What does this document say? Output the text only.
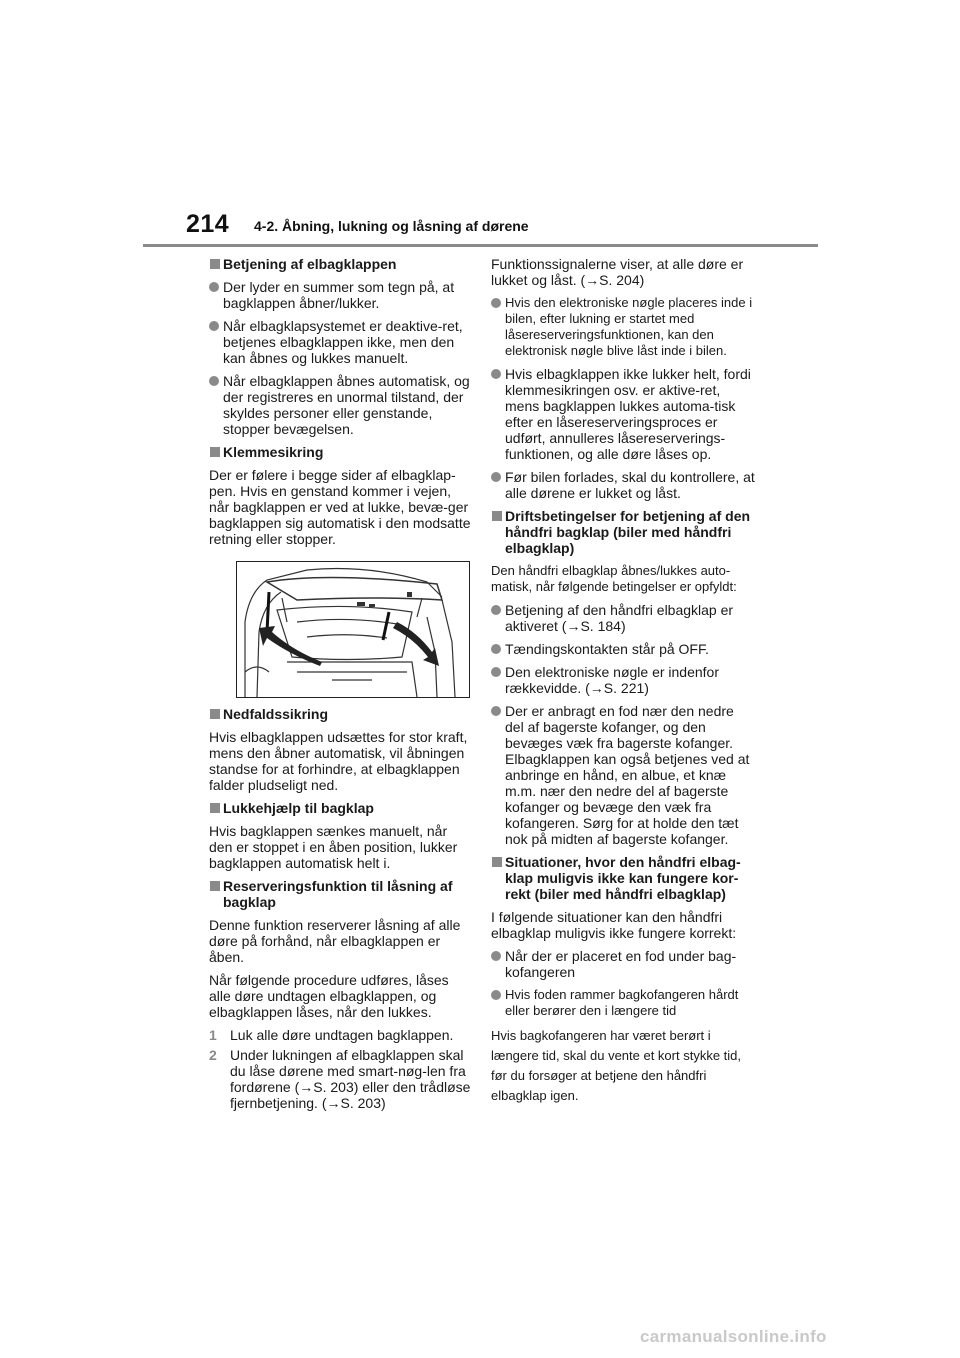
214 4-2. Åbning, lukning og låsning af dørene
Betjening af elbagklappen
Der lyder en summer som tegn på, at bagklappen åbner/lukker.
Når elbagklapsystemet er deaktive-ret, betjenes elbagklappen ikke, men den kan åbnes og lukkes manuelt.
Når elbagklappen åbnes automatisk, og der registreres en unormal tilstand, der skyldes personer eller genstande, stopper bevægelsen.
Klemmesikring
Der er følere i begge sider af elbagklap-pen. Hvis en genstand kommer i vejen, når bagklappen er ved at lukke, bevæ-ger bagklappen sig automatisk i den modsatte retning eller stopper.
Nedfaldssikring
Hvis elbagklappen udsættes for stor kraft, mens den åbner automatisk, vil åbningen standse for at forhindre, at elbagklappen falder pludseligt ned.
Lukkehjælp til bagklap
Hvis bagklappen sænkes manuelt, når den er stoppet i en åben position, lukker bagklappen automatisk helt i.
Reserveringsfunktion til låsning af bagklap
Denne funktion reserverer låsning af alle døre på forhånd, når elbagklappen er åben.
Når følgende procedure udføres, låses alle døre undtagen elbagklappen, og elbagklappen låses, når den lukkes.
1 Luk alle døre undtagen bagklappen.
2 Under lukningen af elbagklappen skal du låse dørene med smart-nøg-len fra fordørene (→S. 203) eller den trådløse fjernbetjening. (→S. 203)
Funktionssignalerne viser, at alle døre er lukket og låst. (→S. 204)
Hvis den elektroniske nøgle placeres inde i bilen, efter lukning er startet med låsereserveringsfunktionen, kan den elektronisk nøgle blive låst inde i bilen.
Hvis elbagklappen ikke lukker helt, fordi klemmesikringen osv. er aktive-ret, mens bagklappen lukkes automa-tisk efter en låsereserveringsproces er udført, annulleres låsereserverings-funktionen, og alle døre låses op.
Før bilen forlades, skal du kontrollere, at alle dørene er lukket og låst.
Driftsbetingelser for betjening af den håndfri bagklap (biler med håndfri elbagklap)
Den håndfri elbagklap åbnes/lukkes auto-matisk, når følgende betingelser er opfyldt:
Betjening af den håndfri elbagklap er aktiveret (→S. 184)
Tændingskontakten står på OFF.
Den elektroniske nøgle er indenfor rækkevidde. (→S. 221)
Der er anbragt en fod nær den nedre del af bagerste kofanger, og den bevæges væk fra bagerste kofanger. Elbagklappen kan også betjenes ved at anbringe en hånd, en albue, et knæ m.m. nær den nedre del af bagerste kofanger og bevæge den væk fra kofangeren. Sørg for at holde den tæt nok på midten af bagerste kofanger.
Situationer, hvor den håndfri elbag-klap muligvis ikke kan fungere kor-rekt (biler med håndfri elbagklap)
I følgende situationer kan den håndfri elbagklap muligvis ikke fungere korrekt:
Når der er placeret en fod under bag-kofangeren
Hvis foden rammer bagkofangeren hårdt eller berører den i længere tid
Hvis bagkofangeren har været berørt i længere tid, skal du vente et kort stykke tid, før du forsøger at betjene den håndfri elbagklap igen.
carmanualsonline.info
